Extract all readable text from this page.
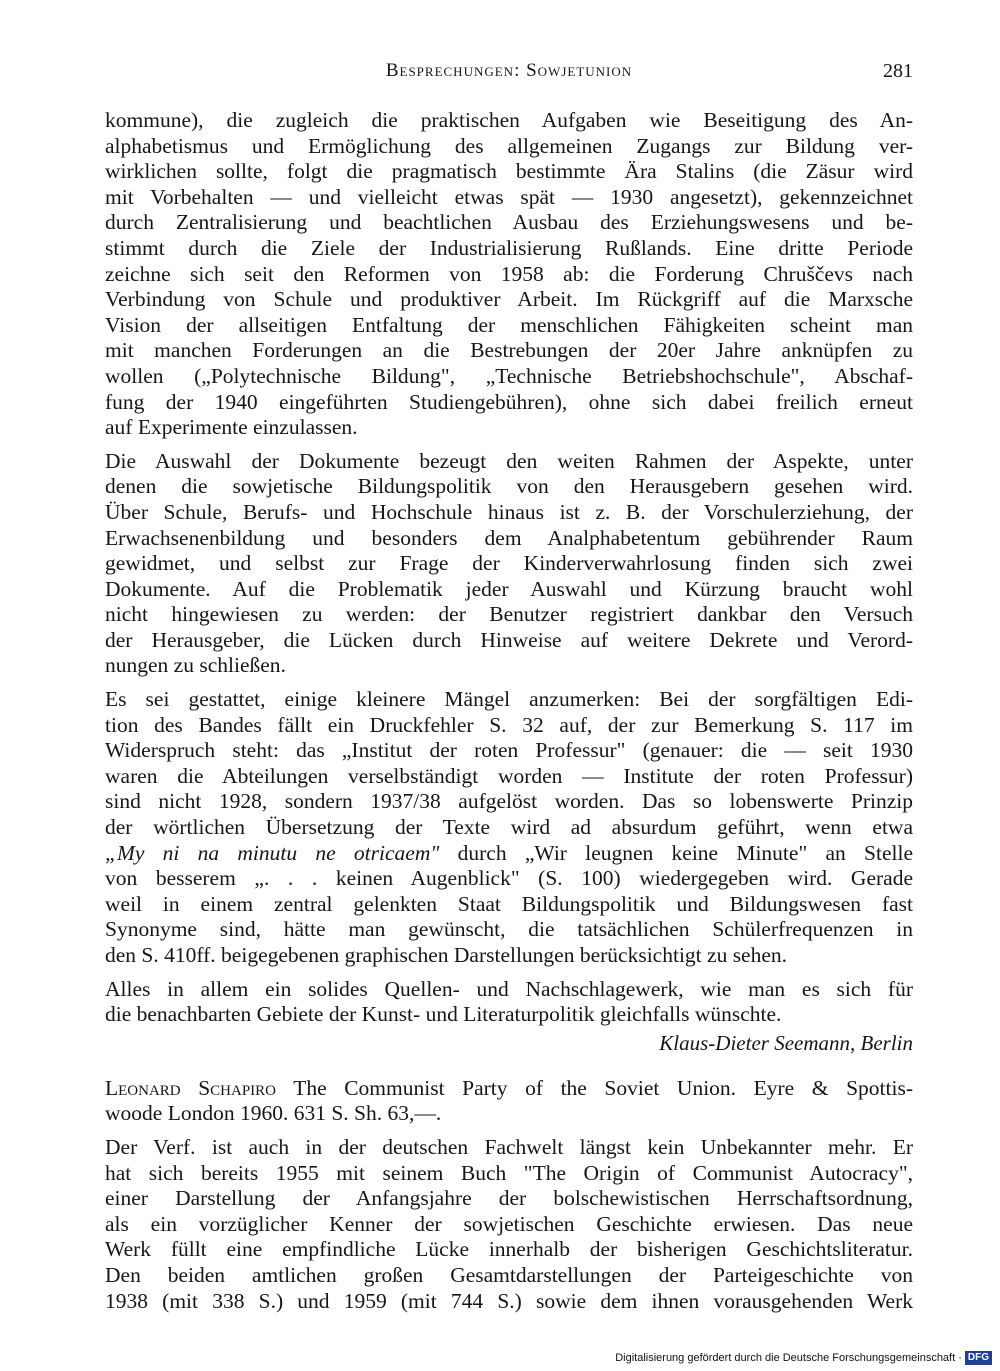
Besprechungen: Sowjetunion	281
kommune), die zugleich die praktischen Aufgaben wie Beseitigung des An-
alphabetismus und Ermöglichung des allgemeinen Zugangs zur Bildung ver-
wirklichen sollte, folgt die pragmatisch bestimmte Ära Stalins (die Zäsur wird
mit Vorbehalten — und vielleicht etwas spät — 1930 angesetzt), gekennzeichnet
durch Zentralisierung und beachtlichen Ausbau des Erziehungswesens und be-
stimmt durch die Ziele der Industrialisierung Rußlands. Eine dritte Periode
zeichne sich seit den Reformen von 1958 ab: die Forderung Chruščevs nach
Verbindung von Schule und produktiver Arbeit. Im Rückgriff auf die Marxsche
Vision der allseitigen Entfaltung der menschlichen Fähigkeiten scheint man
mit manchen Forderungen an die Bestrebungen der 20er Jahre anknüpfen zu
wollen („Polytechnische Bildung", „Technische Betriebshochschule", Abschaf-
fung der 1940 eingeführten Studiengebühren), ohne sich dabei freilich erneut
auf Experimente einzulassen.
Die Auswahl der Dokumente bezeugt den weiten Rahmen der Aspekte, unter
denen die sowjetische Bildungspolitik von den Herausgebern gesehen wird.
Über Schule, Berufs- und Hochschule hinaus ist z. B. der Vorschulerziehung, der
Erwachsenenbildung und besonders dem Analphabetentum gebührender Raum
gewidmet, und selbst zur Frage der Kinderverwahrlosung finden sich zwei
Dokumente. Auf die Problematik jeder Auswahl und Kürzung braucht wohl
nicht hingewiesen zu werden: der Benutzer registriert dankbar den Versuch
der Herausgeber, die Lücken durch Hinweise auf weitere Dekrete und Verord-
nungen zu schließen.
Es sei gestattet, einige kleinere Mängel anzumerken: Bei der sorgfältigen Edi-
tion des Bandes fällt ein Druckfehler S. 32 auf, der zur Bemerkung S. 117 im
Widerspruch steht: das „Institut der roten Professur" (genauer: die — seit 1930
waren die Abteilungen verselbständigt worden — Institute der roten Professur)
sind nicht 1928, sondern 1937/38 aufgelöst worden. Das so lobenswerte Prinzip
der wörtlichen Übersetzung der Texte wird ad absurdum geführt, wenn etwa
„My ni na minutu ne otricaem" durch „Wir leugnen keine Minute" an Stelle
von besserem „. . . keinen Augenblick" (S. 100) wiedergegeben wird. Gerade
weil in einem zentral gelenkten Staat Bildungspolitik und Bildungswesen fast
Synonyme sind, hätte man gewünscht, die tatsächlichen Schülerfrequenzen in
den S. 410ff. beigegebenen graphischen Darstellungen berücksichtigt zu sehen.
Alles in allem ein solides Quellen- und Nachschlagewerk, wie man es sich für
die benachbarten Gebiete der Kunst- und Literaturpolitik gleichfalls wünschte.
Klaus-Dieter Seemann, Berlin
Leonard Schapiro The Communist Party of the Soviet Union. Eyre & Spottis-
woode London 1960. 631 S. Sh. 63,—.
Der Verf. ist auch in der deutschen Fachwelt längst kein Unbekannter mehr. Er
hat sich bereits 1955 mit seinem Buch "The Origin of Communist Autocracy",
einer Darstellung der Anfangsjahre der bolschewistischen Herrschaftsordnung,
als ein vorzüglicher Kenner der sowjetischen Geschichte erwiesen. Das neue
Werk füllt eine empfindliche Lücke innerhalb der bisherigen Geschichtsliteratur.
Den beiden amtlichen großen Gesamtdarstellungen der Parteigeschichte von
1938 (mit 338 S.) und 1959 (mit 744 S.) sowie dem ihnen vorausgehenden Werk
Digitalisierung gefördert durch die Deutsche Forschungsgemeinschaft · DFG
